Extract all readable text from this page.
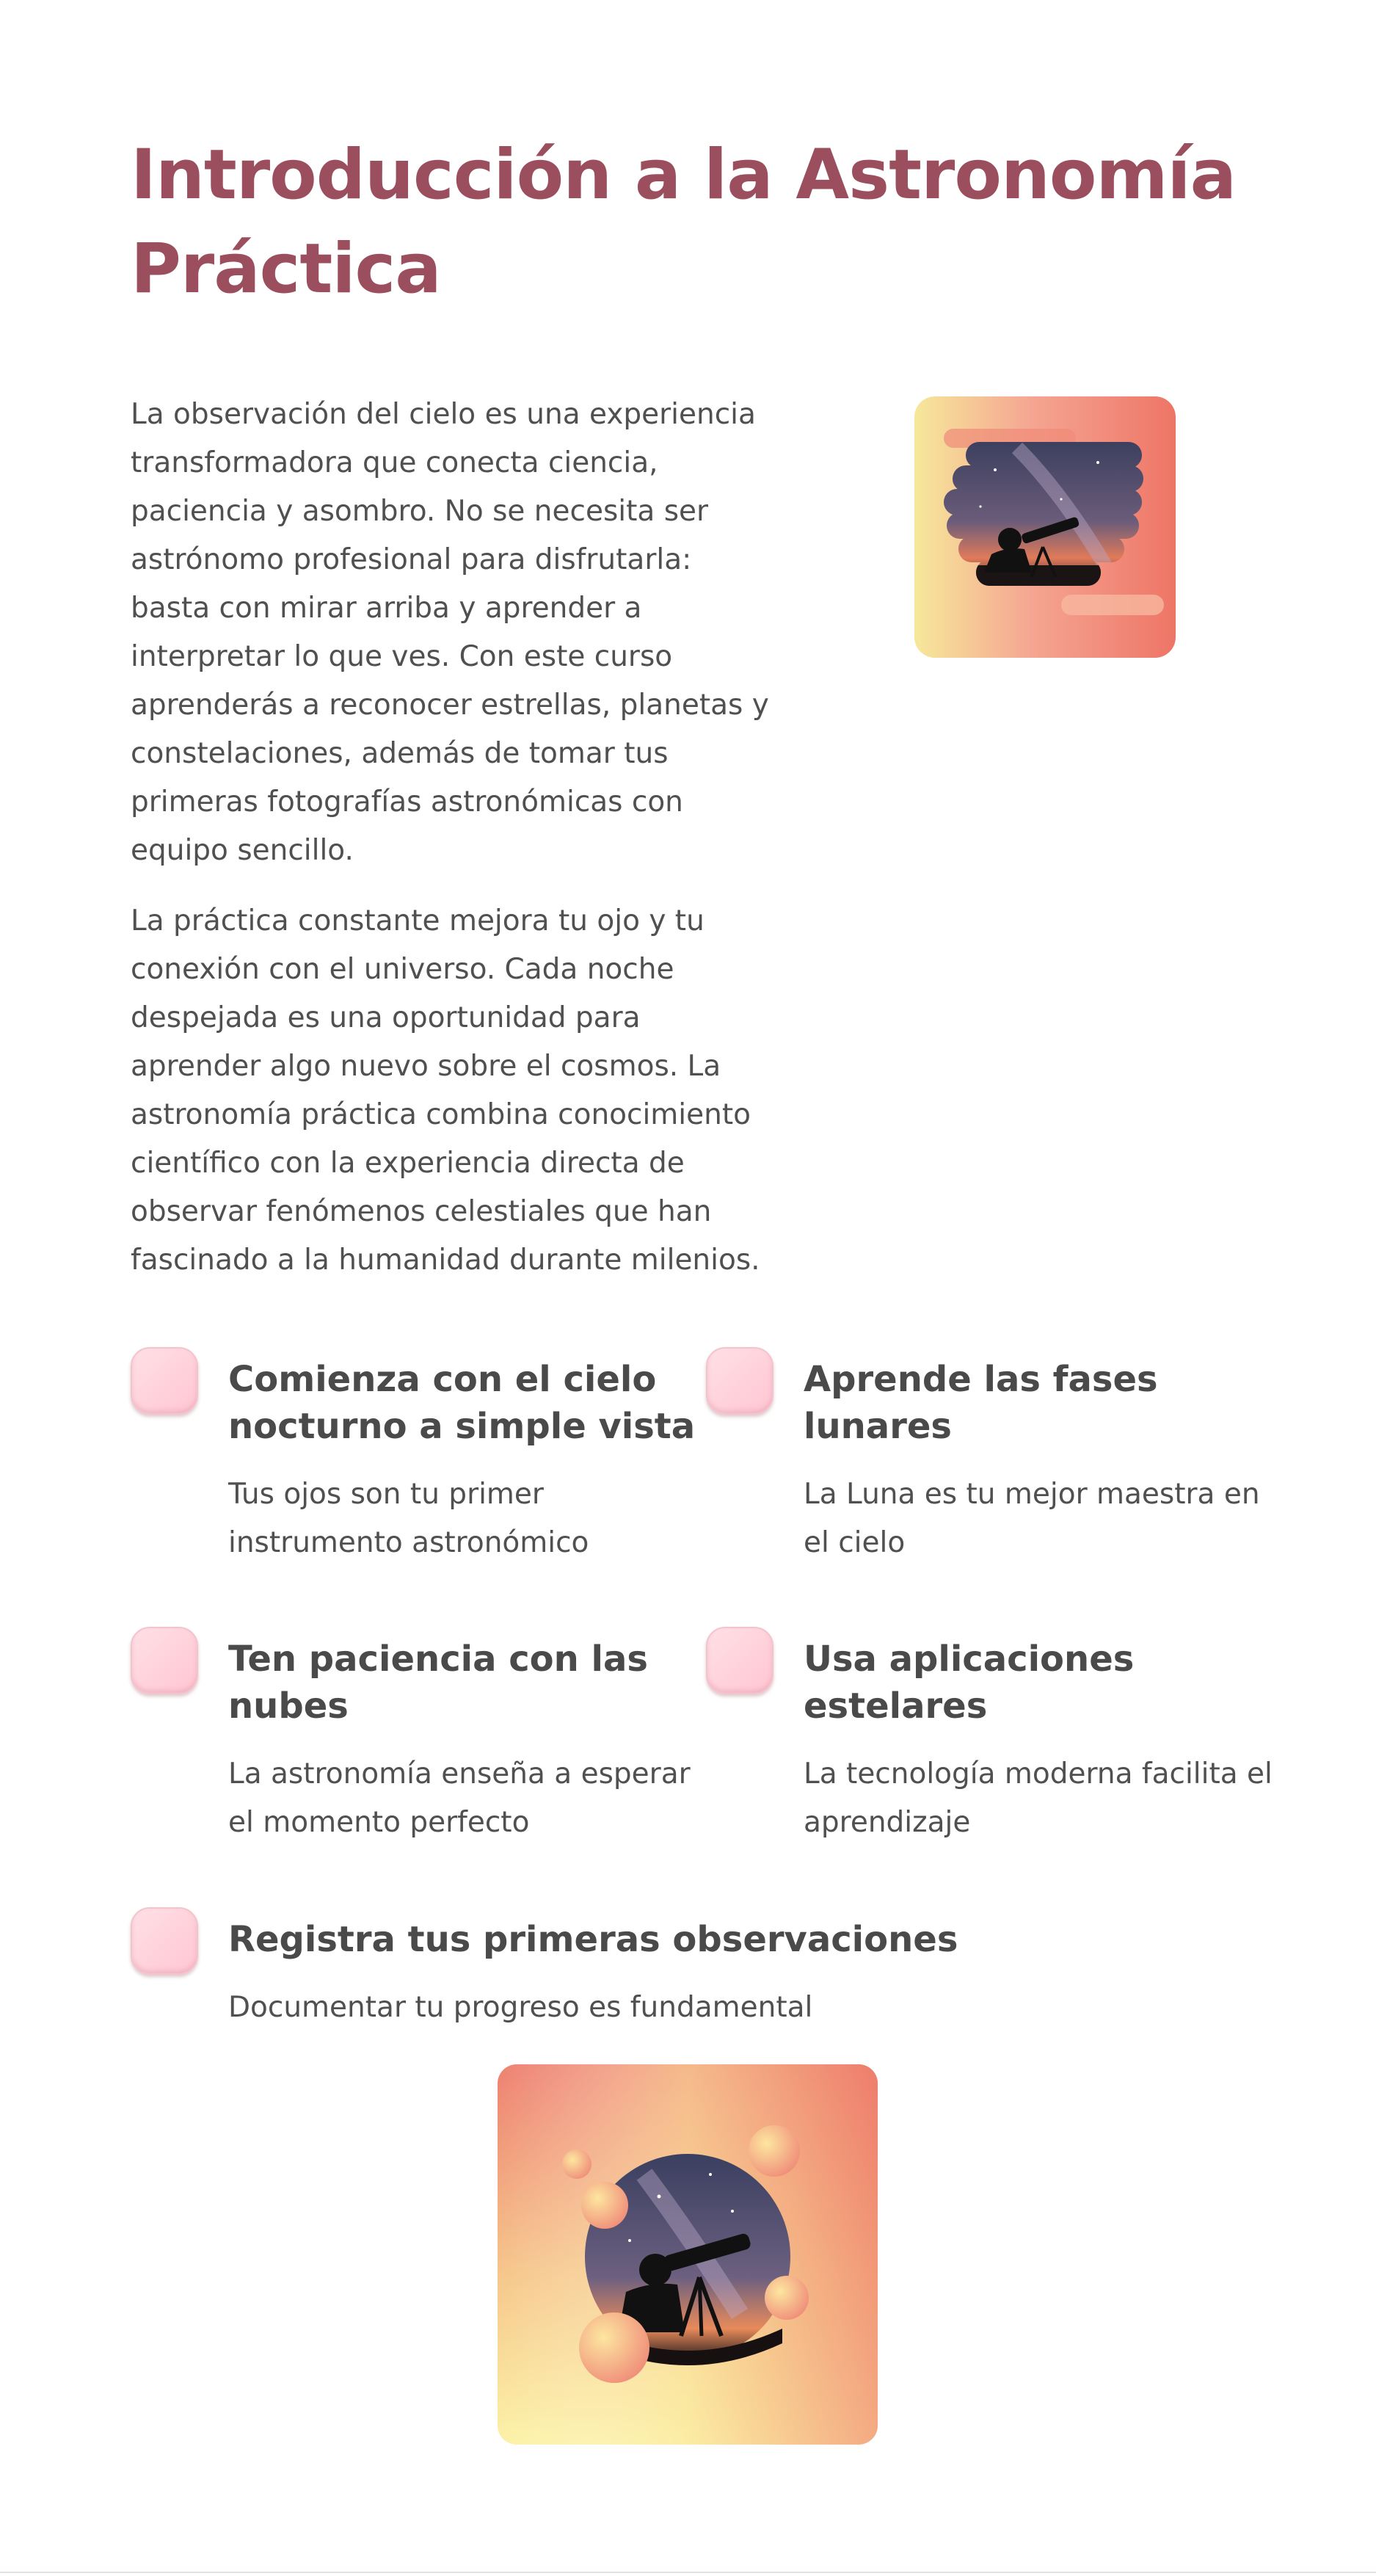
Introducción a la Astronomía Práctica

La observación del cielo es una experiencia transformadora que conecta ciencia, paciencia y asombro. No se necesita ser astrónomo profesional para disfrutarla: basta con mirar arriba y aprender a interpretar lo que ves. Con este curso aprenderás a reconocer estrellas, planetas y constelaciones, además de tomar tus primeras fotografías astronómicas con equipo sencillo.

La práctica constante mejora tu ojo y tu conexión con el universo. Cada noche despejada es una oportunidad para aprender algo nuevo sobre el cosmos. La astronomía práctica combina conocimiento científico con la experiencia directa de observar fenómenos celestiales que han fascinado a la humanidad durante milenios.

Comienza con el cielo nocturno a simple vista
Tus ojos son tu primer instrumento astronómico
Aprende las fases lunares
La Luna es tu mejor maestra en el cielo
Ten paciencia con las nubes
La astronomía enseña a esperar el momento perfecto
Usa aplicaciones estelares
La tecnología moderna facilita el aprendizaje
Registra tus primeras observaciones
Documentar tu progreso es fundamental
